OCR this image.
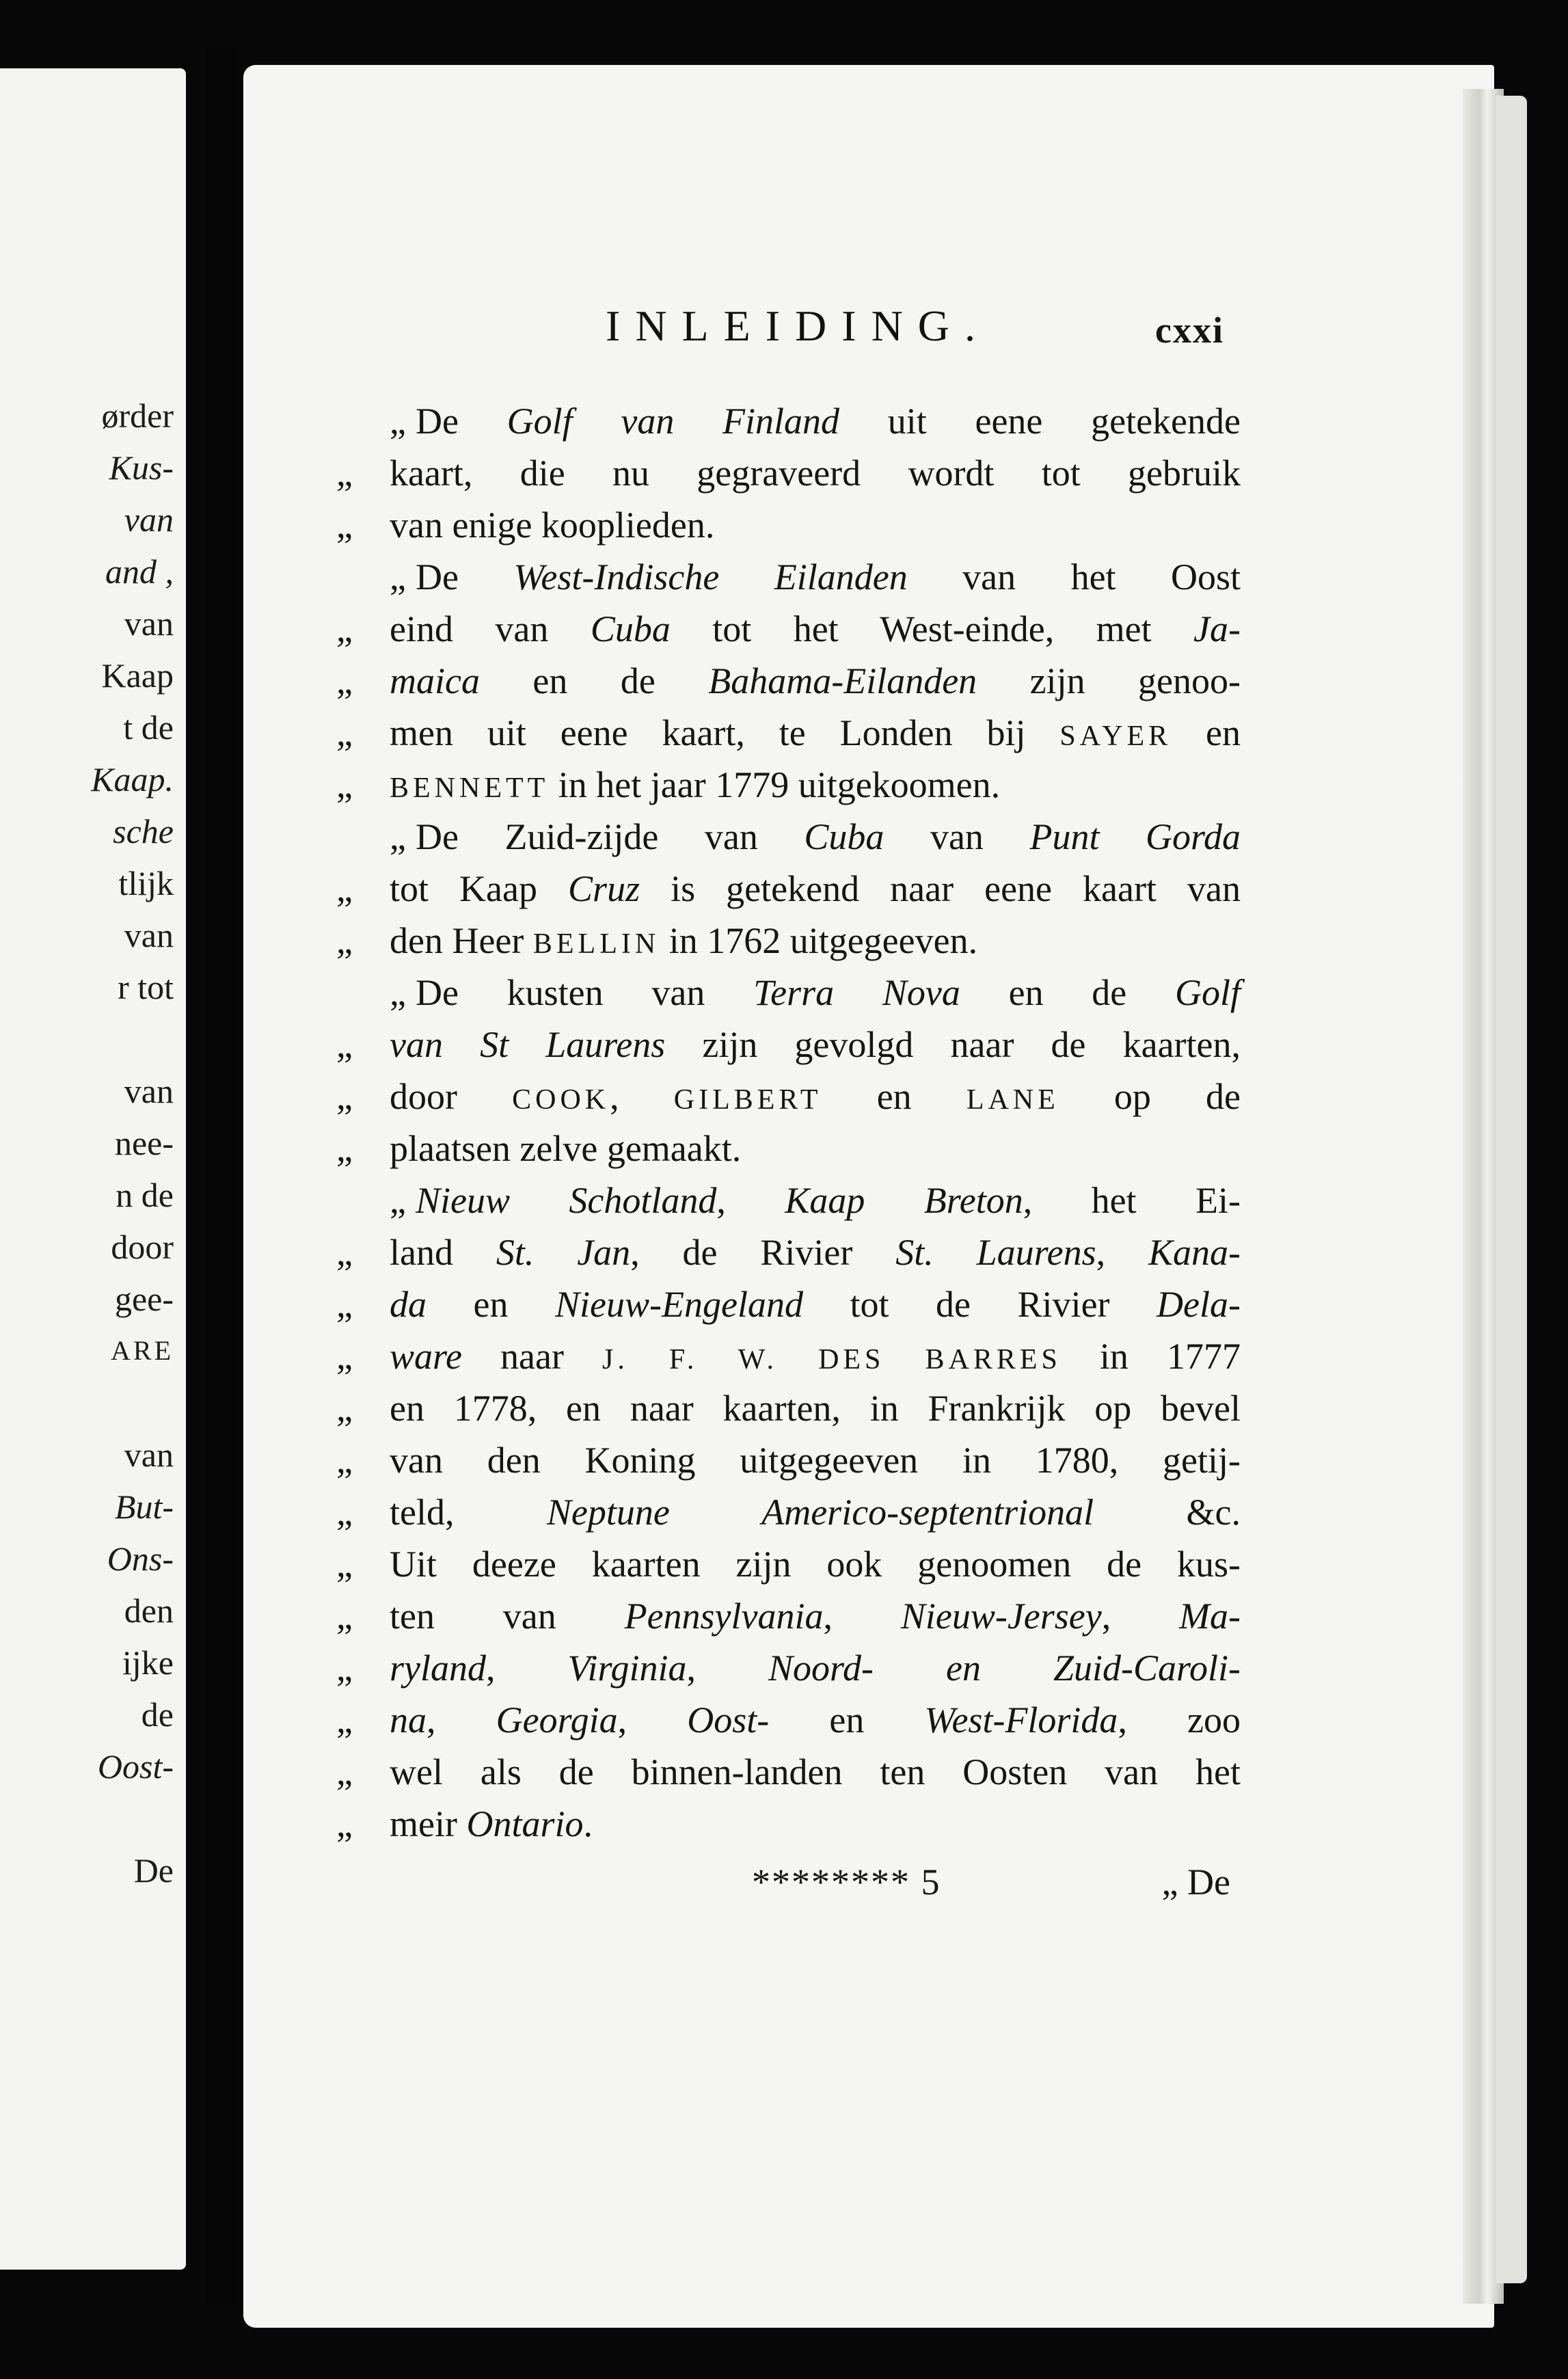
ørder
Kus-
van
and ,
van
Kaap
t de
Kaap.
sche
tlijk
van
r tot
van
nee-
n de
door
gee-
ARE
van
But-
Ons-
den
ijke
de
Oost-
De
INLEIDING.	cxxi
„ De Golf van Finland uit eene getekende
„	kaart, die nu gegraveerd wordt tot gebruik
„	van enige kooplieden.
„ De West-Indische Eilanden van het Oost
„	eind van Cuba tot het West-einde, met Ja-
„	maica en de Bahama-Eilanden zijn genoo-
„	men uit eene kaart, te Londen bij SAYER en
„	BENNETT in het jaar 1779 uitgekoomen.
„ De Zuid-zijde van Cuba van Punt Gorda
„	tot Kaap Cruz is getekend naar eene kaart van
„	den Heer BELLIN in 1762 uitgegeeven.
„ De kusten van Terra Nova en de Golf
„	van St Laurens zijn gevolgd naar de kaarten,
„	door COOK, GILBERT en LANE op de
„	plaatsen zelve gemaakt.
„ Nieuw Schotland, Kaap Breton, het Ei-
„	land St. Jan, de Rivier St. Laurens, Kana-
„	da en Nieuw-Engeland tot de Rivier Dela-
„	ware naar J. F. W. DES BARRES in 1777
„	en 1778, en naar kaarten, in Frankrijk op bevel
„	van den Koning uitgegeeven in 1780, getij-
„	teld, Neptune Americo-septentrional &c.
„	Uit deeze kaarten zijn ook genoomen de kus-
„	ten van Pennsylvania, Nieuw-Jersey, Ma-
„	ryland, Virginia, Noord- en Zuid-Caroli-
„	na, Georgia, Oost- en West-Florida, zoo
„	wel als de binnen-landen ten Oosten van het
„	meir Ontario.
******** 5	„ De
